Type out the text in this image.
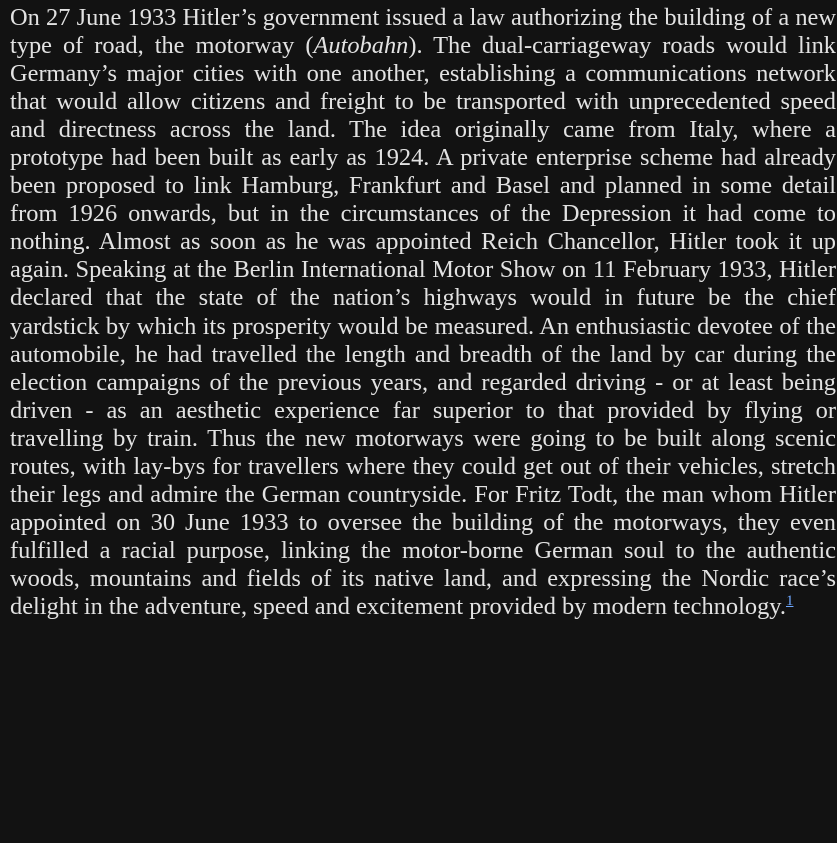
On 27 June 1933 Hitler’s government issued a law authorizing the building of a new type of road, the motorway (Autobahn). The dual-carriageway roads would link Germany’s major cities with one another, establishing a communications network that would allow citizens and freight to be transported with unprecedented speed and directness across the land. The idea originally came from Italy, where a prototype had been built as early as 1924. A private enterprise scheme had already been proposed to link Hamburg, Frankfurt and Basel and planned in some detail from 1926 onwards, but in the circumstances of the Depression it had come to nothing. Almost as soon as he was appointed Reich Chancellor, Hitler took it up again. Speaking at the Berlin International Motor Show on 11 February 1933, Hitler declared that the state of the nation’s highways would in future be the chief yardstick by which its prosperity would be measured. An enthusiastic devotee of the automobile, he had travelled the length and breadth of the land by car during the election campaigns of the previous years, and regarded driving - or at least being driven - as an aesthetic experience far superior to that provided by flying or travelling by train. Thus the new motorways were going to be built along scenic routes, with lay-bys for travellers where they could get out of their vehicles, stretch their legs and admire the German countryside. For Fritz Todt, the man whom Hitler appointed on 30 June 1933 to oversee the building of the motorways, they even fulfilled a racial purpose, linking the motor-borne German soul to the authentic woods, mountains and fields of its native land, and expressing the Nordic race’s delight in the adventure, speed and excitement provided by modern technology.$^1$
